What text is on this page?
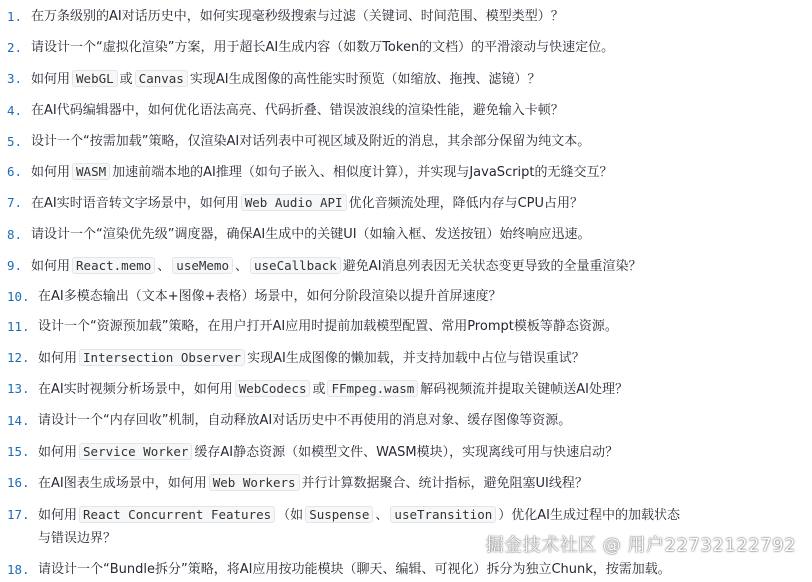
1. 在万条级别的AI对话历史中，如何实现毫秒级搜索与过滤（关键词、时间范围、模型类型）？
2. 请设计一个“虚拟化渲染”方案，用于超长AI生成内容（如数万Token的文档）的平滑滚动与快速定位。
3. 如何用 WebGL 或 Canvas 实现AI生成图像的高性能实时预览（如缩放、拖拽、滤镜）？
4. 在AI代码编辑器中，如何优化语法高亮、代码折叠、错误波浪线的渲染性能，避免输入卡顿？
5. 设计一个“按需加载”策略，仅渲染AI对话列表中可视区域及附近的消息，其余部分保留为纯文本。
6. 如何用 WASM 加速前端本地的AI推理（如句子嵌入、相似度计算），并实现与JavaScript的无缝交互？
7. 在AI实时语音转文字场景中，如何用 Web Audio API 优化音频流处理，降低内存与CPU占用？
8. 请设计一个“渲染优先级”调度器，确保AI生成中的关键UI（如输入框、发送按钮）始终响应迅速。
9. 如何用 React.memo 、 useMemo 、 useCallback 避免AI消息列表因无关状态变更导致的全量重渲染？
10. 在AI多模态输出（文本+图像+表格）场景中，如何分阶段渲染以提升首屏速度？
11. 设计一个“资源预加载”策略，在用户打开AI应用时提前加载模型配置、常用Prompt模板等静态资源。
12. 如何用 Intersection Observer 实现AI生成图像的懒加载，并支持加载中占位与错误重试？
13. 在AI实时视频分析场景中，如何用 WebCodecs 或 FFmpeg.wasm 解码视频流并提取关键帧送AI处理？
14. 请设计一个“内存回收”机制，自动释放AI对话历史中不再使用的消息对象、缓存图像等资源。
15. 如何用 Service Worker 缓存AI静态资源（如模型文件、WASM模块），实现离线可用与快速启动？
16. 在AI图表生成场景中，如何用 Web Workers 并行计算数据聚合、统计指标，避免阻塞UI线程？
17. 如何用 React Concurrent Features （如 Suspense 、 useTransition ）优化AI生成过程中的加载状态
与错误边界？
18. 请设计一个“Bundle拆分”策略，将AI应用按功能模块（聊天、编辑、可视化）拆分为独立Chunk，按需加载。
掘金技术社区 @ 用户22732122792
